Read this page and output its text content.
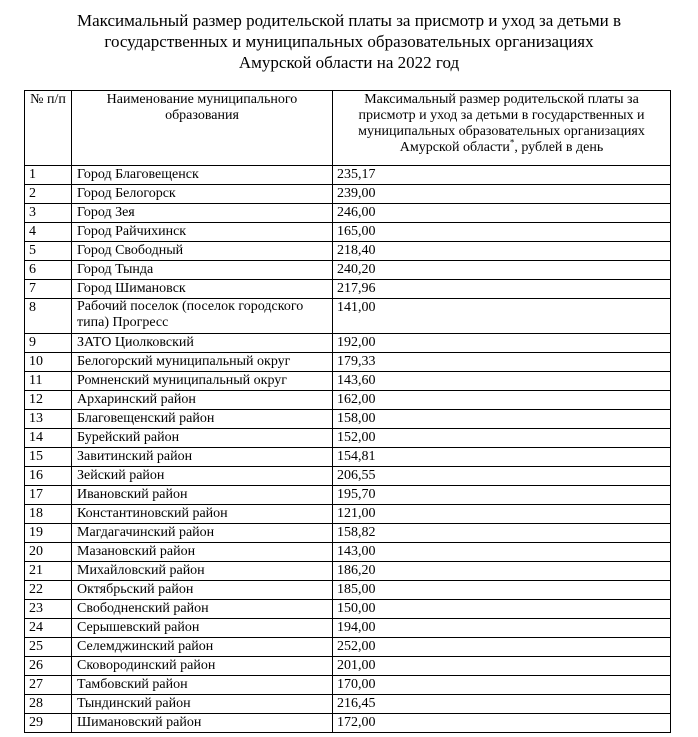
Максимальный размер родительской платы за присмотр и уход за детьми в
государственных и муниципальных образовательных организациях
Амурской области на 2022 год
№ п/п	Наименование муниципального образования	Максимальный размер родительской платы за присмотр и уход за детьми в государственных и муниципальных образовательных организациях Амурской области*, рублей в день
1	Город Благовещенск	235,17
2	Город Белогорск	239,00
3	Город Зея	246,00
4	Город Райчихинск	165,00
5	Город Свободный	218,40
6	Город Тында	240,20
7	Город Шимановск	217,96
8	Рабочий поселок (поселок городского типа) Прогресс	141,00
9	ЗАТО Циолковский	192,00
10	Белогорский муниципальный округ	179,33
11	Ромненский муниципальный округ	143,60
12	Архаринский район	162,00
13	Благовещенский район	158,00
14	Бурейский район	152,00
15	Завитинский район	154,81
16	Зейский район	206,55
17	Ивановский район	195,70
18	Константиновский район	121,00
19	Магдагачинский район	158,82
20	Мазановский район	143,00
21	Михайловский район	186,20
22	Октябрьский район	185,00
23	Свободненский район	150,00
24	Серышевский район	194,00
25	Селемджинский район	252,00
26	Сковородинский район	201,00
27	Тамбовский район	170,00
28	Тындинский район	216,45
29	Шимановский район	172,00
